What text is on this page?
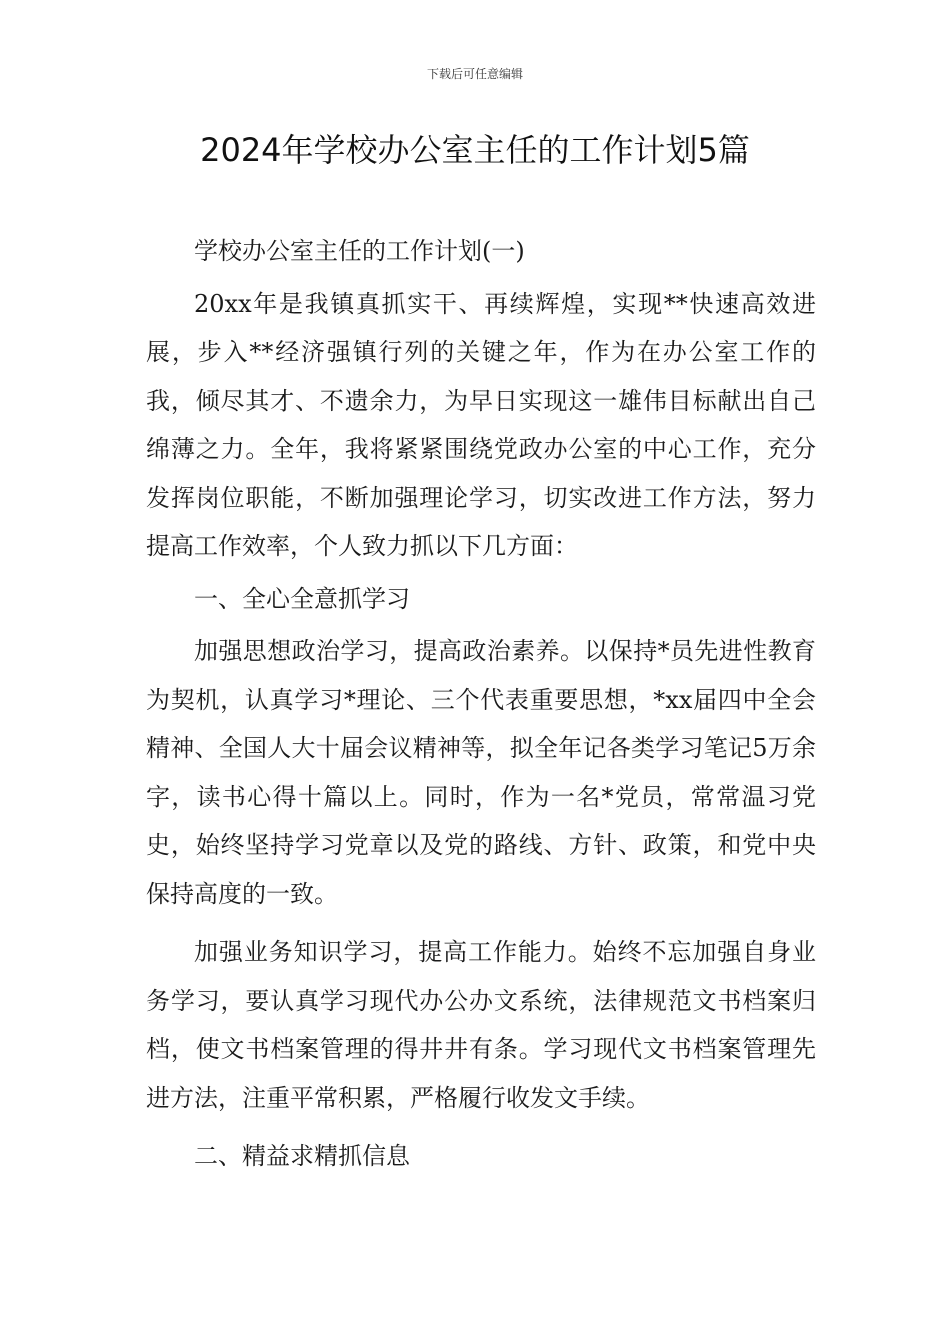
下载后可任意编辑
2024年学校办公室主任的工作计划5篇

学校办公室主任的工作计划(一)

20xx年是我镇真抓实干、再续辉煌，实现**快速高效进展，步入**经济强镇行列的关键之年，作为在办公室工作的我，倾尽其才、不遗余力，为早日实现这一雄伟目标献出自己绵薄之力。全年，我将紧紧围绕党政办公室的中心工作，充分发挥岗位职能，不断加强理论学习，切实改进工作方法，努力提高工作效率，个人致力抓以下几方面：

一、全心全意抓学习

加强思想政治学习，提高政治素养。以保持*员先进性教育为契机，认真学习*理论、三个代表重要思想，*xx届四中全会精神、全国人大十届会议精神等，拟全年记各类学习笔记5万余字，读书心得十篇以上。同时，作为一名*党员，常常温习党史，始终坚持学习党章以及党的路线、方针、政策，和党中央保持高度的一致。

加强业务知识学习，提高工作能力。始终不忘加强自身业务学习，要认真学习现代办公办文系统，法律规范文书档案归档，使文书档案管理的得井井有条。学习现代文书档案管理先进方法，注重平常积累，严格履行收发文手续。

二、精益求精抓信息
